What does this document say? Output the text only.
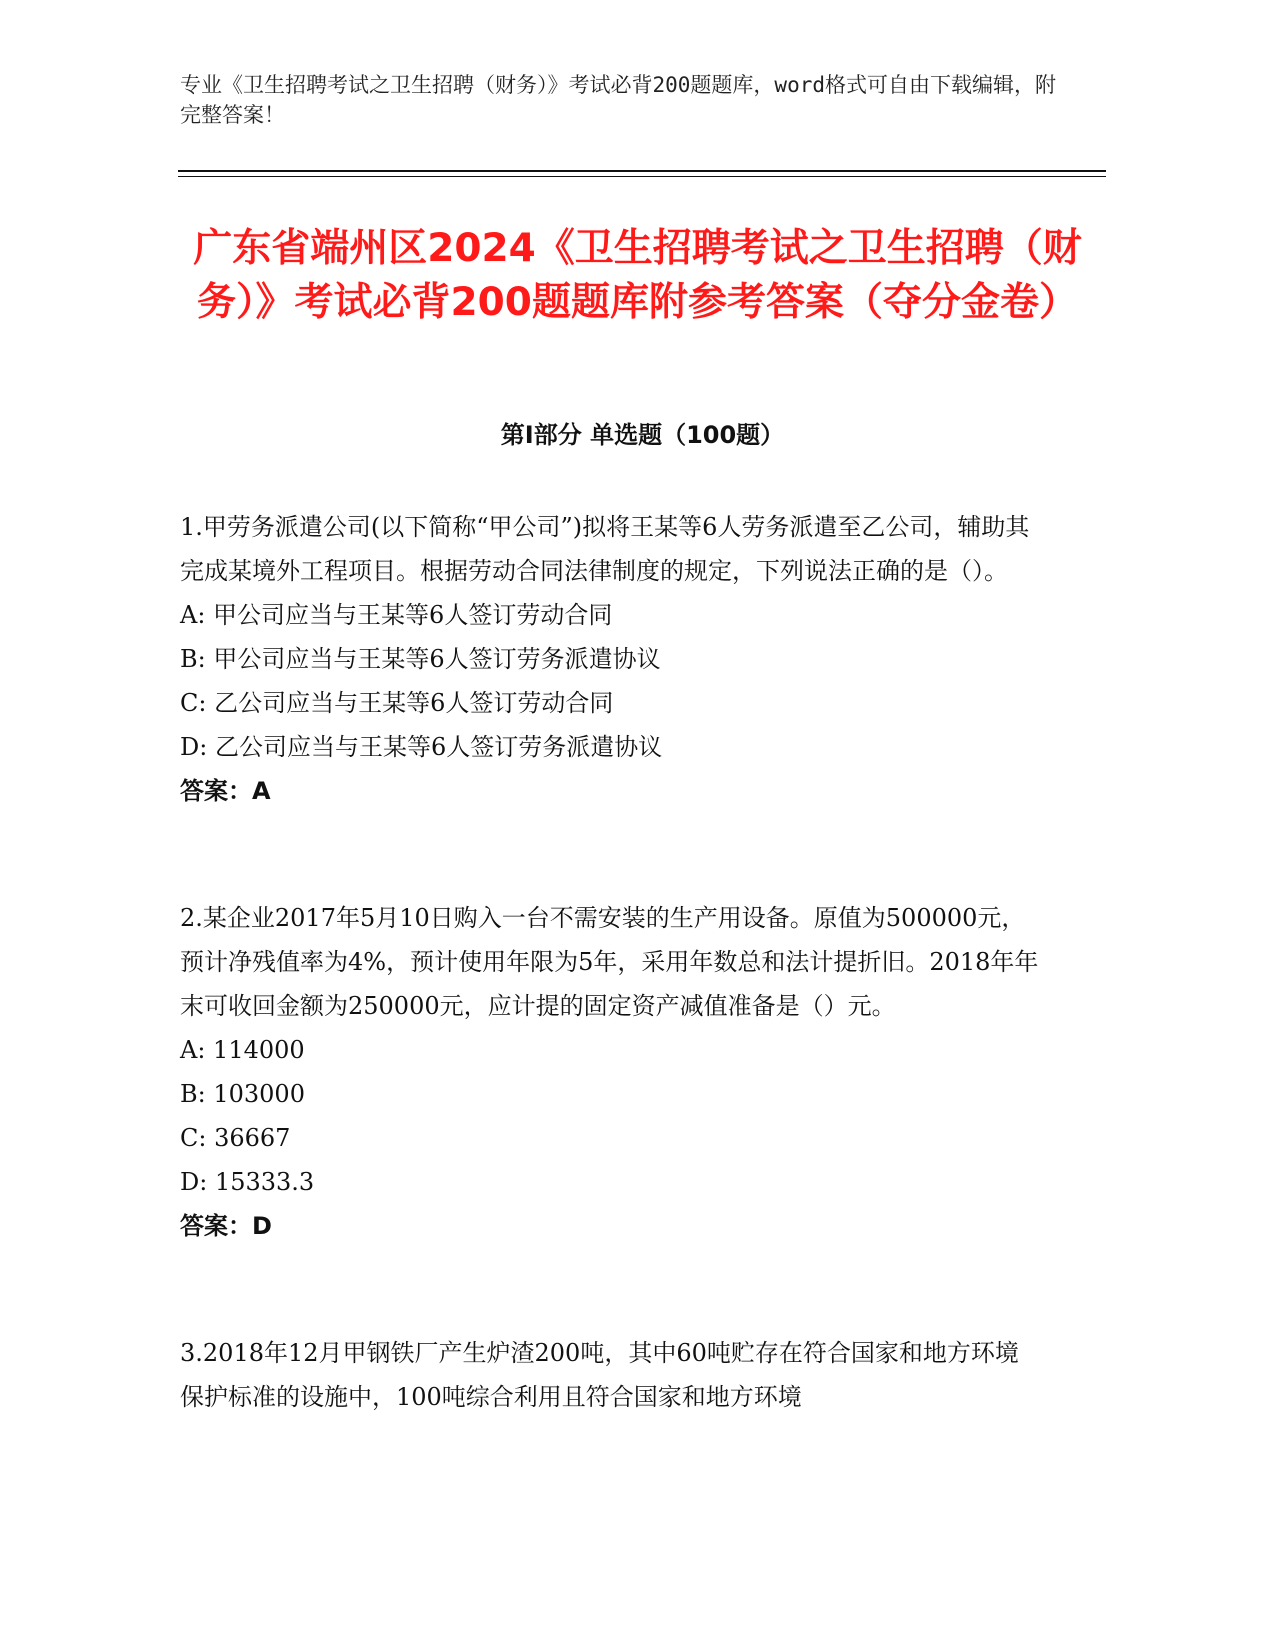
专业《卫生招聘考试之卫生招聘（财务）》考试必背200题题库，word格式可自由下载编辑，附完整答案！
广东省端州区2024《卫生招聘考试之卫生招聘（财务）》考试必背200题题库附参考答案（夺分金卷）
第Ⅰ部分 单选题（100题）

1.甲劳务派遣公司(以下简称“甲公司”)拟将王某等6人劳务派遣至乙公司，辅助其完成某境外工程项目。根据劳动合同法律制度的规定，下列说法正确的是（）。

A: 甲公司应当与王某等6人签订劳动合同

B: 甲公司应当与王某等6人签订劳务派遣协议

C: 乙公司应当与王某等6人签订劳动合同

D: 乙公司应当与王某等6人签订劳务派遣协议

答案：A

2.某企业2017年5月10日购入一台不需安装的生产用设备。原值为500000元，预计净残值率为4%，预计使用年限为5年，采用年数总和法计提折旧。2018年年末可收回金额为250000元，应计提的固定资产减值准备是（）元。

A: 114000

B: 103000

C: 36667

D: 15333.3

答案：D

3.2018年12月甲钢铁厂产生炉渣200吨，其中60吨贮存在符合国家和地方环境保护标准的设施中，100吨综合利用且符合国家和地方环境
